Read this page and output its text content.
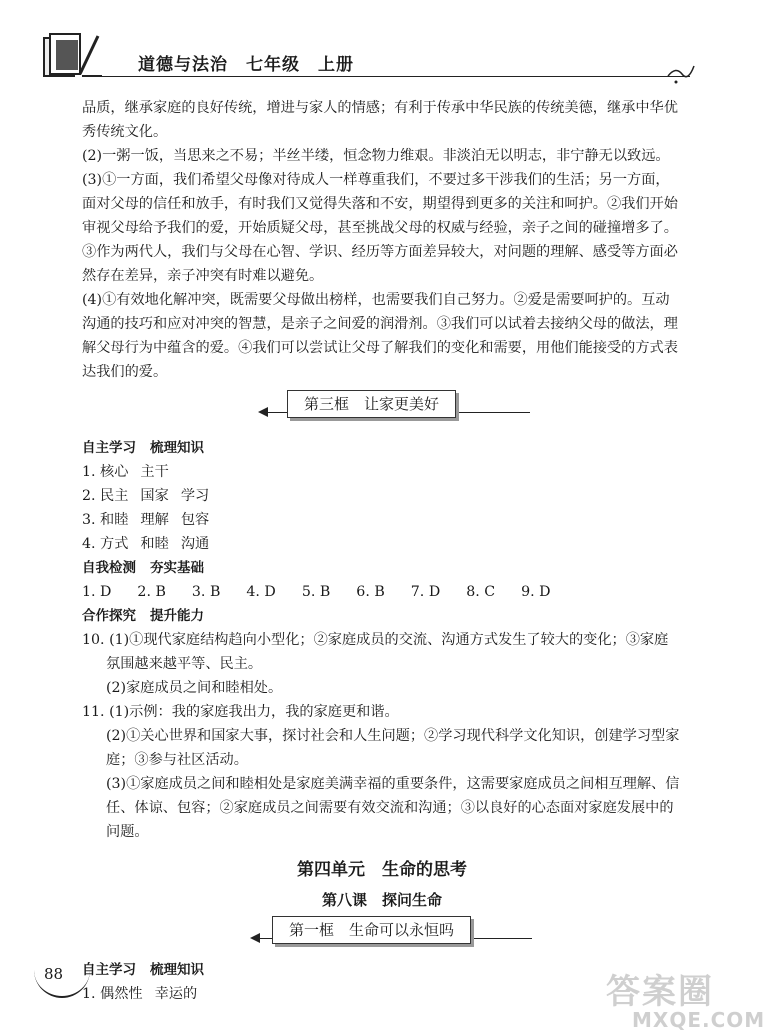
道德与法治　七年级　上册

品质，继承家庭的良好传统，增进与家人的情感；有利于传承中华民族的传统美德，继承中华优秀传统文化。

(2)一粥一饭，当思来之不易；半丝半缕，恒念物力维艰。非淡泊无以明志，非宁静无以致远。

(3)①一方面，我们希望父母像对待成人一样尊重我们，不要过多干涉我们的生活；另一方面，面对父母的信任和放手，有时我们又觉得失落和不安，期望得到更多的关注和呵护。②我们开始审视父母给予我们的爱，开始质疑父母，甚至挑战父母的权威与经验，亲子之间的碰撞增多了。③作为两代人，我们与父母在心智、学识、经历等方面差异较大，对问题的理解、感受等方面必然存在差异，亲子冲突有时难以避免。

(4)①有效地化解冲突，既需要父母做出榜样，也需要我们自己努力。②爱是需要呵护的。互动沟通的技巧和应对冲突的智慧，是亲子之间爱的润滑剂。③我们可以试着去接纳父母的做法，理解父母行为中蕴含的爱。④我们可以尝试让父母了解我们的变化和需要，用他们能接受的方式表达我们的爱。

第三框　让家更美好

自主学习 梳理知识

1. 核心 主干

2. 民主 国家 学习

3. 和睦 理解 包容

4. 方式 和睦 沟通

自我检测 夯实基础

1. D 2. B 3. B 4. D 5. B 6. B 7. D 8. C 9. D

合作探究 提升能力

10. (1)①现代家庭结构趋向小型化；②家庭成员的交流、沟通方式发生了较大的变化；③家庭氛围越来越平等、民主。

(2)家庭成员之间和睦相处。

11. (1)示例：我的家庭我出力，我的家庭更和谐。

(2)①关心世界和国家大事，探讨社会和人生问题；②学习现代科学文化知识，创建学习型家庭；③参与社区活动。

(3)①家庭成员之间和睦相处是家庭美满幸福的重要条件，这需要家庭成员之间相互理解、信任、体谅、包容；②家庭成员之间需要有效交流和沟通；③以良好的心态面对家庭发展中的问题。

第四单元　生命的思考
第八课　探问生命
第一框　生命可以永恒吗

自主学习 梳理知识

1. 偶然性 幸运的

88	答案圈
MXQE.COM
